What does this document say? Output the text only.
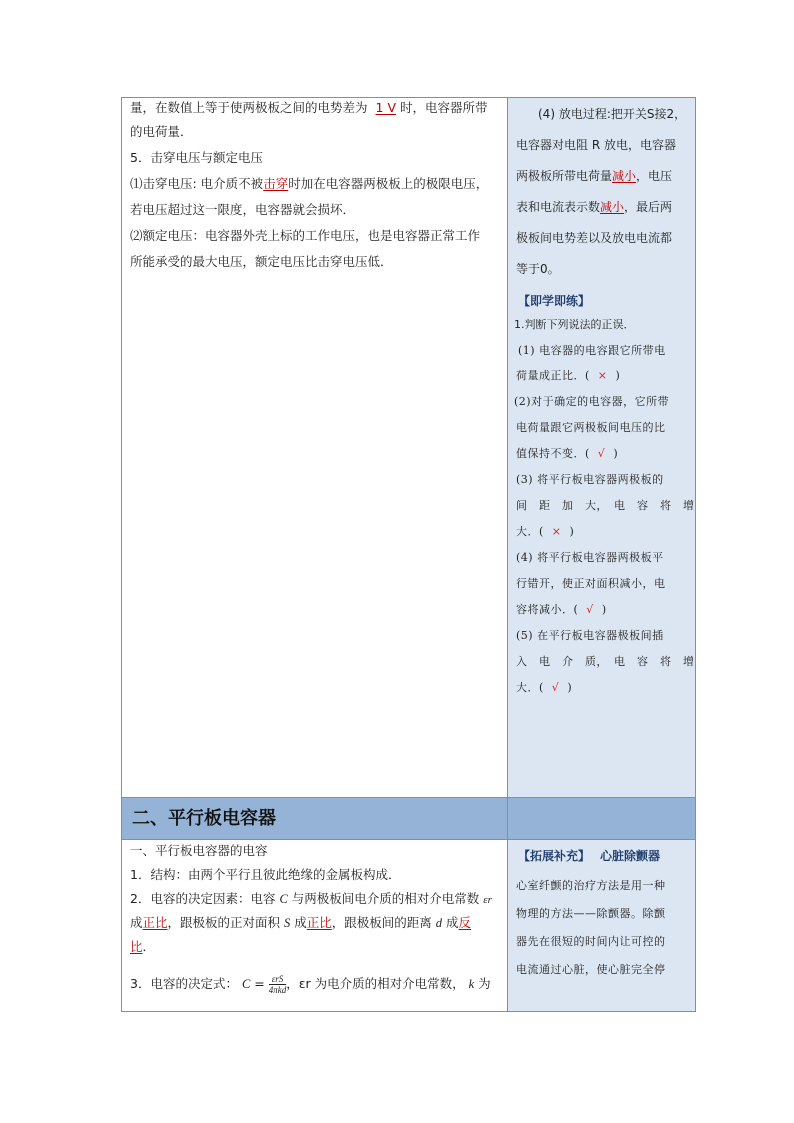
量，在数值上等于使两极板之间的电势差为 1 V 时，电容器所带
的电荷量．
5．击穿电压与额定电压
⑴击穿电压: 电介质不被击穿时加在电容器两极板上的极限电压，
若电压超过这一限度，电容器就会损坏．
⑵额定电压：电容器外壳上标的工作电压，也是电容器正常工作
所能承受的最大电压，额定电压比击穿电压低．
(4) 放电过程:把开关S接2，
电容器对电阻 R 放电，电容器
两极板所带电荷量减小，电压
表和电流表示数减小，最后两
极板间电势差以及放电电流都
等于0。
【即学即练】
1.判断下列说法的正误．
(1) 电容器的电容跟它所带电
荷量成正比．( × )
(2)对于确定的电容器，它所带
电荷量跟它两极板间电压的比
值保持不变．( √ )
(3) 将平行板电容器两极板的
间　距　加　大，　电　容　将　增
大．( × )
(4) 将平行板电容器两极板平
行错开，使正对面积减小，电
容将减小．( √ )
(5) 在平行板电容器极板间插
入　电　介　质，　电　容　将　增
大．( √ )
二、平行板电容器
一、平行板电容器的电容
1．结构：由两个平行且彼此绝缘的金属板构成．
2．电容的决定因素：电容 C 与两极板间电介质的相对介电常数 εr
成正比，跟极板的正对面积 S 成正比，跟极板间的距离 d 成反
比．
3．电容的决定式： $C = \frac{\text{εrS}}{\text{4πkd}}$ ，εr 为电介质的相对介电常数， k 为
【拓展补充】 心脏除颤器
心室纤颤的治疗方法是用一种
物理的方法——除颤器。除颤
器先在很短的时间内让可控的
电流通过心脏，使心脏完全停
